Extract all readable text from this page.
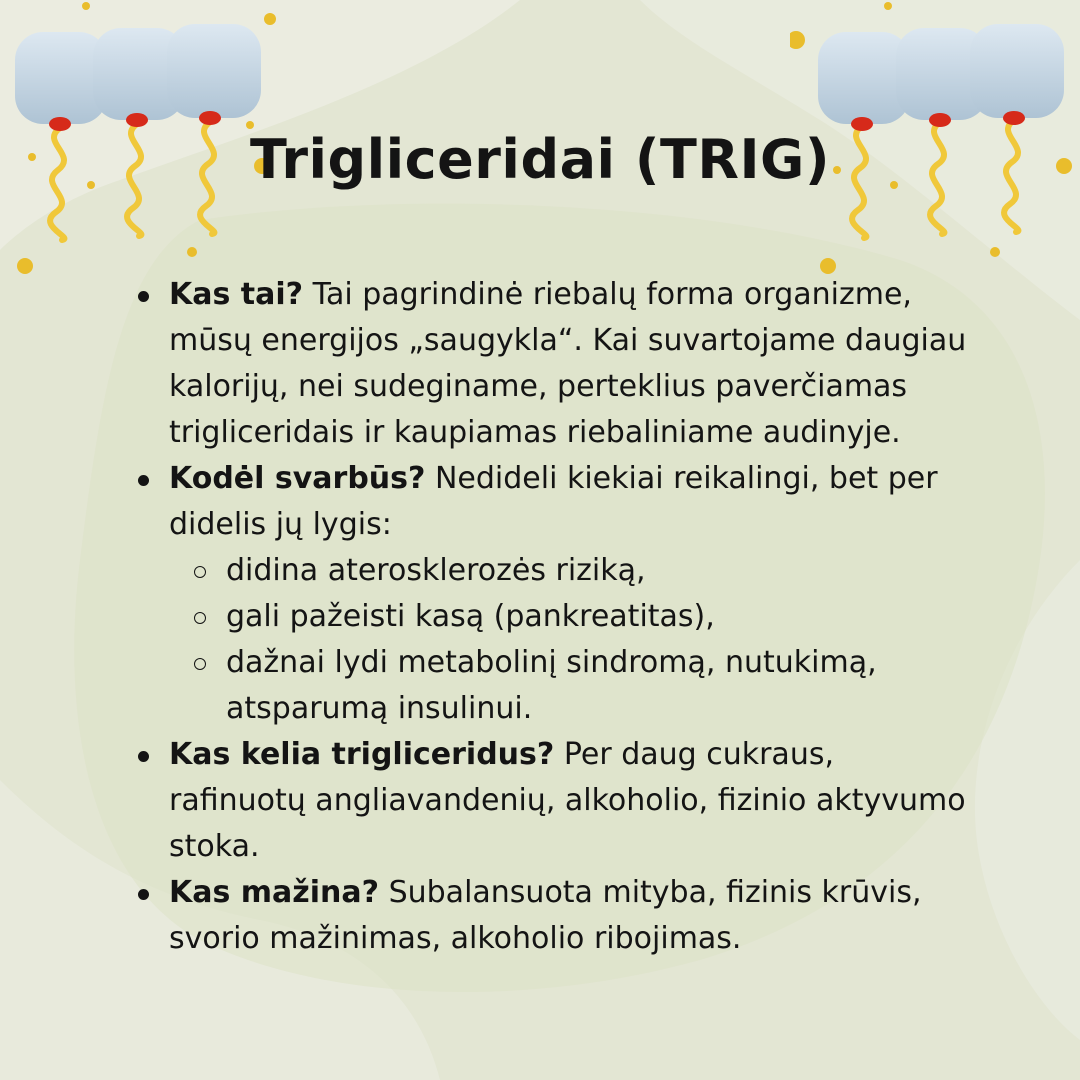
Trigliceridai (TRIG)
Kas tai? Tai pagrindinė riebalų forma organizme, mūsų energijos „saugykla“. Kai suvartojame daugiau kalorijų, nei sudeginame, perteklius paverčiamas trigliceridais ir kaupiamas riebaliniame audinyje.
Kodėl svarbūs? Nedideli kiekiai reikalingi, bet per didelis jų lygis:
didina aterosklerozės riziką,
gali pažeisti kasą (pankreatitas),
dažnai lydi metabolinį sindromą, nutukimą, atsparumą insulinui.
Kas kelia trigliceridus? Per daug cukraus, rafinuotų angliavandenių, alkoholio, fizinio aktyvumo stoka.
Kas mažina? Subalansuota mityba, fizinis krūvis, svorio mažinimas, alkoholio ribojimas.
